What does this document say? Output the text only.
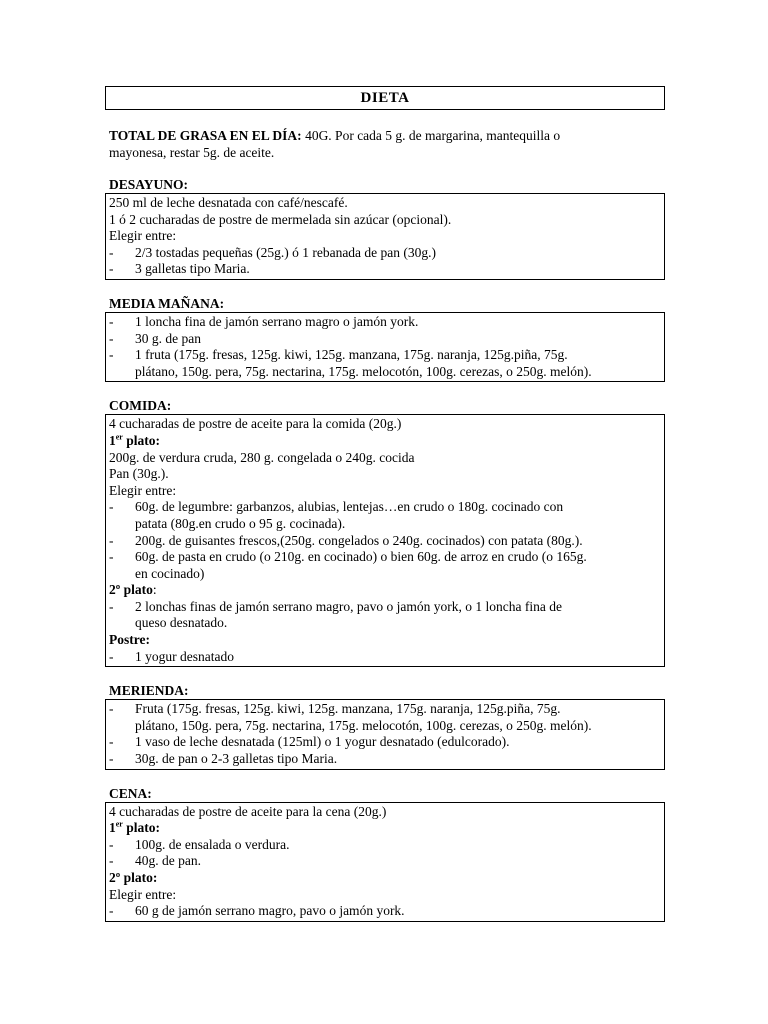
DIETA
TOTAL DE GRASA EN EL DÍA: 40G. Por cada 5 g. de margarina, mantequilla o
mayonesa, restar 5g. de aceite.
DESAYUNO:
250 ml de leche desnatada con café/nescafé.
1 ó 2 cucharadas de postre de mermelada sin azúcar (opcional).
Elegir entre:
-	2/3 tostadas pequeñas (25g.) ó 1 rebanada de pan (30g.)
-	3 galletas tipo Maria.
MEDIA MAÑANA:
-	1 loncha fina de jamón serrano magro o jamón york.
-	30 g. de pan
-	1 fruta (175g. fresas, 125g. kiwi, 125g. manzana, 175g. naranja, 125g.piña, 75g.
plátano, 150g. pera, 75g. nectarina, 175g. melocotón, 100g. cerezas, o 250g. melón).
COMIDA:
4 cucharadas de postre de aceite para la comida (20g.)
1er plato:
200g. de verdura cruda, 280 g. congelada o 240g. cocida
Pan (30g.).
Elegir entre:
-	60g. de legumbre: garbanzos, alubias, lentejas…en crudo o 180g. cocinado con
patata (80g.en crudo o 95 g. cocinada).
-	200g. de guisantes frescos,(250g. congelados o 240g. cocinados) con patata (80g.).
-	60g. de pasta en crudo (o 210g. en cocinado) o bien 60g. de arroz en crudo (o 165g.
en cocinado)
2º plato:
-	2 lonchas finas de jamón serrano magro, pavo o jamón york, o 1 loncha fina de
queso desnatado.
Postre:
-	1 yogur desnatado
MERIENDA:
-	Fruta (175g. fresas, 125g. kiwi, 125g. manzana, 175g. naranja, 125g.piña, 75g.
plátano, 150g. pera, 75g. nectarina, 175g. melocotón, 100g. cerezas, o 250g. melón).
-	1 vaso de leche desnatada (125ml) o 1 yogur desnatado (edulcorado).
-	30g. de pan o 2-3 galletas tipo Maria.
CENA:
4 cucharadas de postre de aceite para la cena (20g.)
1er plato:
-	100g. de ensalada o verdura.
-	40g. de pan.
2º plato:
Elegir entre:
-	60 g de jamón serrano magro, pavo o jamón york.
